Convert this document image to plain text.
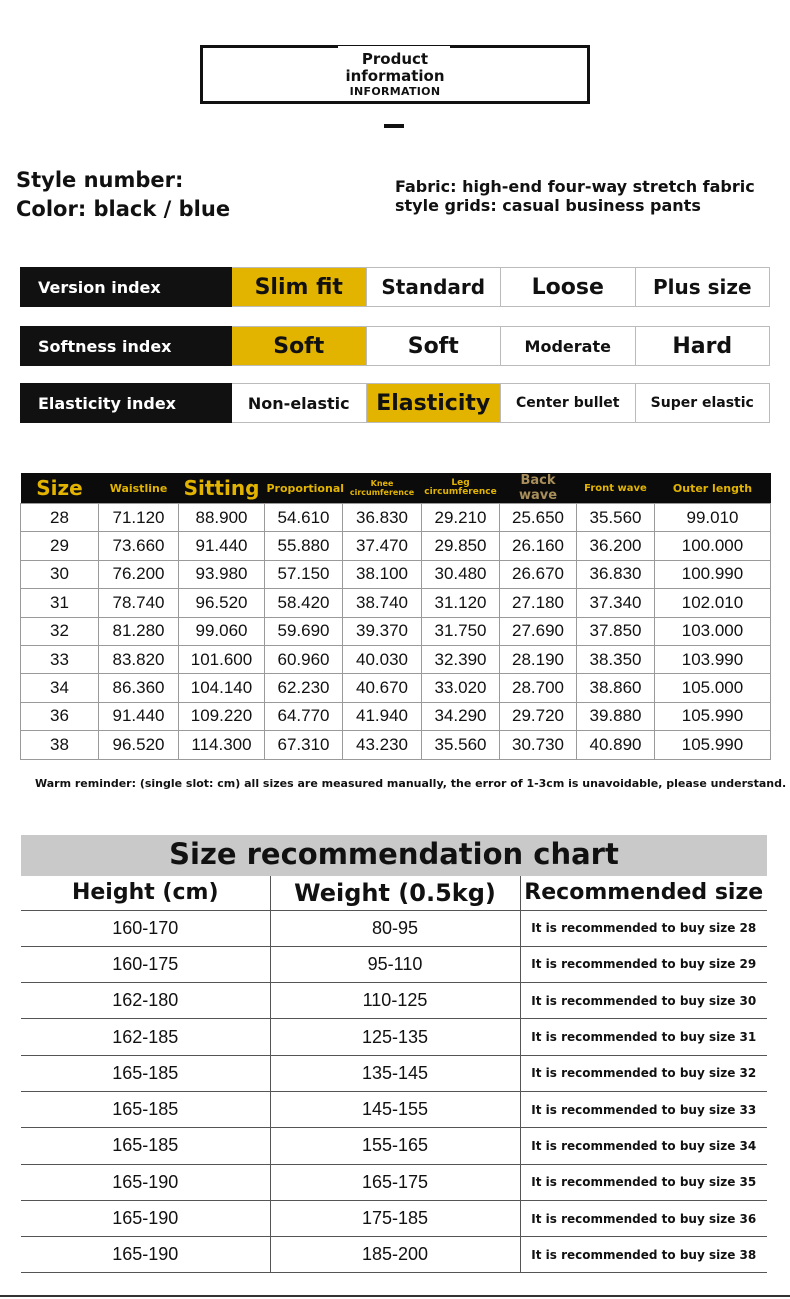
Product
information
INFORMATION
Style number:
Color: black / blue
Fabric: high-end four-way stretch fabric
style grids: casual business pants
Version index	Slim fit	Standard	Loose	Plus size
Softness index	Soft	Soft	Moderate	Hard
Elasticity index	Non-elastic	Elasticity	Center bullet	Super elastic
Size	Waistline	Sitting	Proportional	Knee circumference	Leg circumference	Back wave	Front wave	Outer length
28	71.120	88.900	54.610	36.830	29.210	25.650	35.560	99.010
29	73.660	91.440	55.880	37.470	29.850	26.160	36.200	100.000
30	76.200	93.980	57.150	38.100	30.480	26.670	36.830	100.990
31	78.740	96.520	58.420	38.740	31.120	27.180	37.340	102.010
32	81.280	99.060	59.690	39.370	31.750	27.690	37.850	103.000
33	83.820	101.600	60.960	40.030	32.390	28.190	38.350	103.990
34	86.360	104.140	62.230	40.670	33.020	28.700	38.860	105.000
36	91.440	109.220	64.770	41.940	34.290	29.720	39.880	105.990
38	96.520	114.300	67.310	43.230	35.560	30.730	40.890	105.990
Warm reminder: (single slot: cm) all sizes are measured manually, the error of 1-3cm is unavoidable, please understand.
Size recommendation chart
Height (cm)	Weight (0.5kg)	Recommended size
160-170	80-95	It is recommended to buy size 28
160-175	95-110	It is recommended to buy size 29
162-180	110-125	It is recommended to buy size 30
162-185	125-135	It is recommended to buy size 31
165-185	135-145	It is recommended to buy size 32
165-185	145-155	It is recommended to buy size 33
165-185	155-165	It is recommended to buy size 34
165-190	165-175	It is recommended to buy size 35
165-190	175-185	It is recommended to buy size 36
165-190	185-200	It is recommended to buy size 38
